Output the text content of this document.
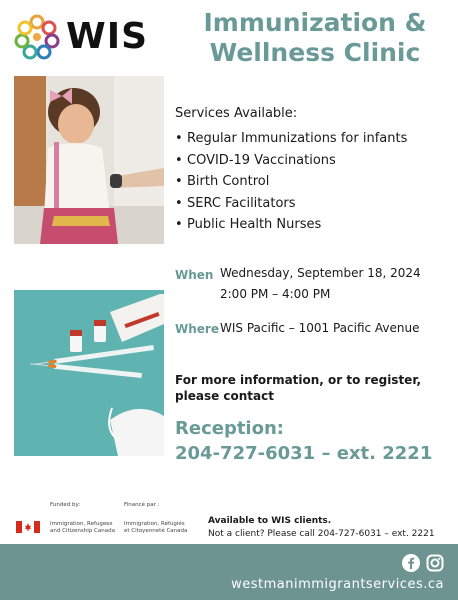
WIS	Immunization &
Wellness Clinic
Services Available:
• Regular Immunizations for infants
• COVID-19 Vaccinations
• Birth Control
• SERC Facilitators
• Public Health Nurses
When Wednesday, September 18, 2024
2:00 PM – 4:00 PM
Where WIS Pacific – 1001 Pacific Avenue
For more information, or to register,
please contact
Reception:
204-727-6031 – ext. 2221
Funded by:	Financé par :
Immigration, Refugees
and Citizenship Canada
Immigration, Réfugiés
et Citoyenneté Canada
Available to WIS clients.
Not a client? Please call 204-727-6031 – ext. 2221
westmanimmigrantservices.ca
